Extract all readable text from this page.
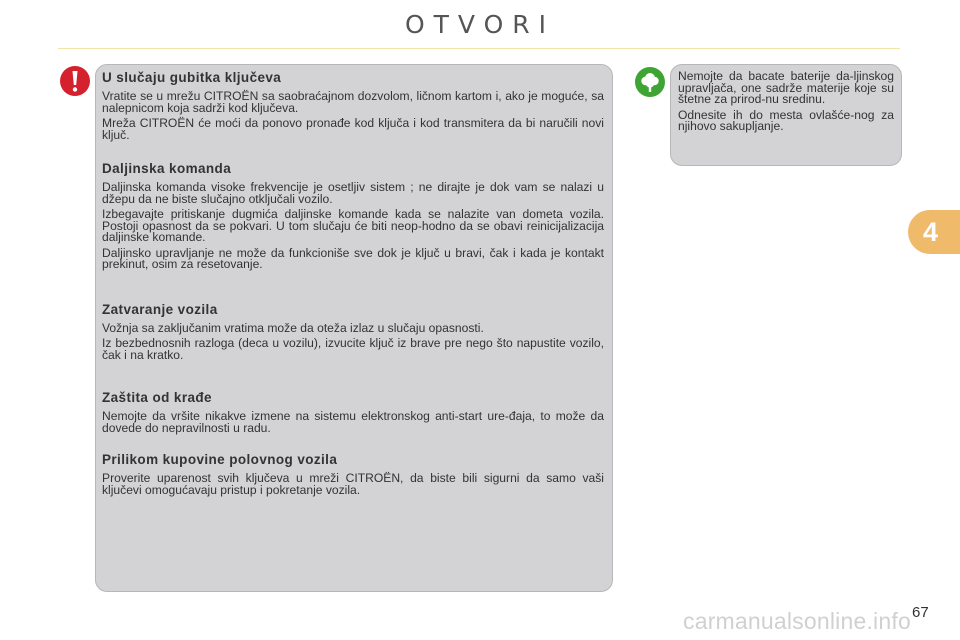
OTVORI
U slučaju gubitka ključeva

Vratite se u mrežu CITROËN sa saobraćajnom dozvolom, ličnom kartom i, ako je moguće, sa nalepnicom koja sadrži kod ključeva.

Mreža CITROËN će moći da ponovo pronađe kod ključa i kod transmitera da bi naručili novi ključ.

Daljinska komanda

Daljinska komanda visoke frekvencije je osetljiv sistem ; ne dirajte je dok vam se nalazi u džepu da ne biste slučajno otključali vozilo.

Izbegavajte pritiskanje dugmića daljinske komande kada se nalazite van dometa vozila. Postoji opasnost da se pokvari. U tom slučaju će biti neop-hodno da se obavi reinicijalizacija daljinske komande.

Daljinsko upravljanje ne može da funkcioniše sve dok je ključ u bravi, čak i kada je kontakt prekinut, osim za resetovanje.

Zatvaranje vozila

Vožnja sa zaključanim vratima može da oteža izlaz u slučaju opasnosti.

Iz bezbednosnih razloga (deca u vozilu), izvucite ključ iz brave pre nego što napustite vozilo, čak i na kratko.

Zaštita od krađe

Nemojte da vršite nikakve izmene na sistemu elektronskog anti-start ure-đaja, to može da dovede do nepravilnosti u radu.

Prilikom kupovine polovnog vozila

Proverite uparenost svih ključeva u mreži CITROËN, da biste bili sigurni da samo vaši ključevi omogućavaju pristup i pokretanje vozila.

Nemojte da bacate baterije da-ljinskog upravljača, one sadrže materije koje su štetne za prirod-nu sredinu.

Odnesite ih do mesta ovlašće-nog za njihovo sakupljanje.

4
67
carmanualsonline.info
